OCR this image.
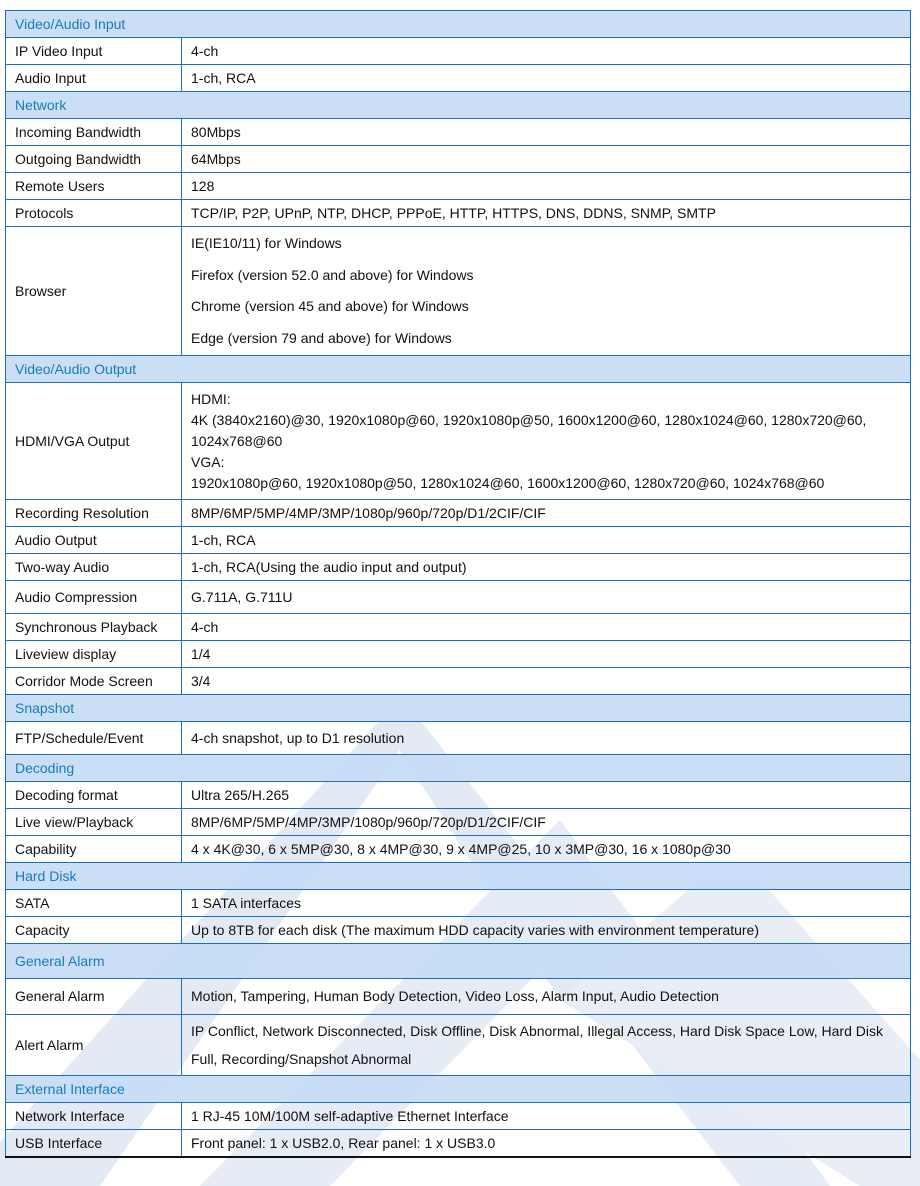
Video/Audio Input	
IP Video Input	4-ch
Audio Input	1-ch, RCA
Network	
Incoming Bandwidth	80Mbps
Outgoing Bandwidth	64Mbps
Remote Users	128
Protocols	TCP/IP, P2P, UPnP, NTP, DHCP, PPPoE, HTTP, HTTPS, DNS, DDNS, SNMP, SMTP
Browser	IE(IE10/11) for Windows
Firefox (version 52.0 and above) for Windows
Chrome (version 45 and above) for Windows
Edge (version 79 and above) for Windows

Video/Audio Output	
HDMI/VGA Output	HDMI:
4K (3840x2160)@30, 1920x1080p@60, 1920x1080p@50, 1600x1200@60, 1280x1024@60, 1280x720@60, 1024x768@60
VGA:
1920x1080p@60, 1920x1080p@50, 1280x1024@60, 1600x1200@60, 1280x720@60, 1024x768@60

Recording Resolution	8MP/6MP/5MP/4MP/3MP/1080p/960p/720p/D1/2CIF/CIF
Audio Output	1-ch, RCA
Two-way Audio	1-ch, RCA(Using the audio input and output)
Audio Compression	G.711A, G.711U
Synchronous Playback	4-ch
Liveview display	1/4
Corridor Mode Screen	3/4
Snapshot	
FTP/Schedule/Event	4-ch snapshot, up to D1 resolution
Decoding	
Decoding format	Ultra 265/H.265
Live view/Playback	8MP/6MP/5MP/4MP/3MP/1080p/960p/720p/D1/2CIF/CIF
Capability	4 x 4K@30, 6 x 5MP@30, 8 x 4MP@30, 9 x 4MP@25, 10 x 3MP@30, 16 x 1080p@30
Hard Disk	
SATA	1 SATA interfaces
Capacity	Up to 8TB for each disk (The maximum HDD capacity varies with environment temperature)
General Alarm	
General Alarm	Motion, Tampering, Human Body Detection, Video Loss, Alarm Input, Audio Detection
Alert Alarm	IP Conflict, Network Disconnected, Disk Offline, Disk Abnormal, Illegal Access, Hard Disk Space Low, Hard Disk
Full, Recording/Snapshot Abnormal

External Interface	
Network Interface	1 RJ-45 10M/100M self-adaptive Ethernet Interface
USB Interface	Front panel: 1 x USB2.0, Rear panel: 1 x USB3.0
